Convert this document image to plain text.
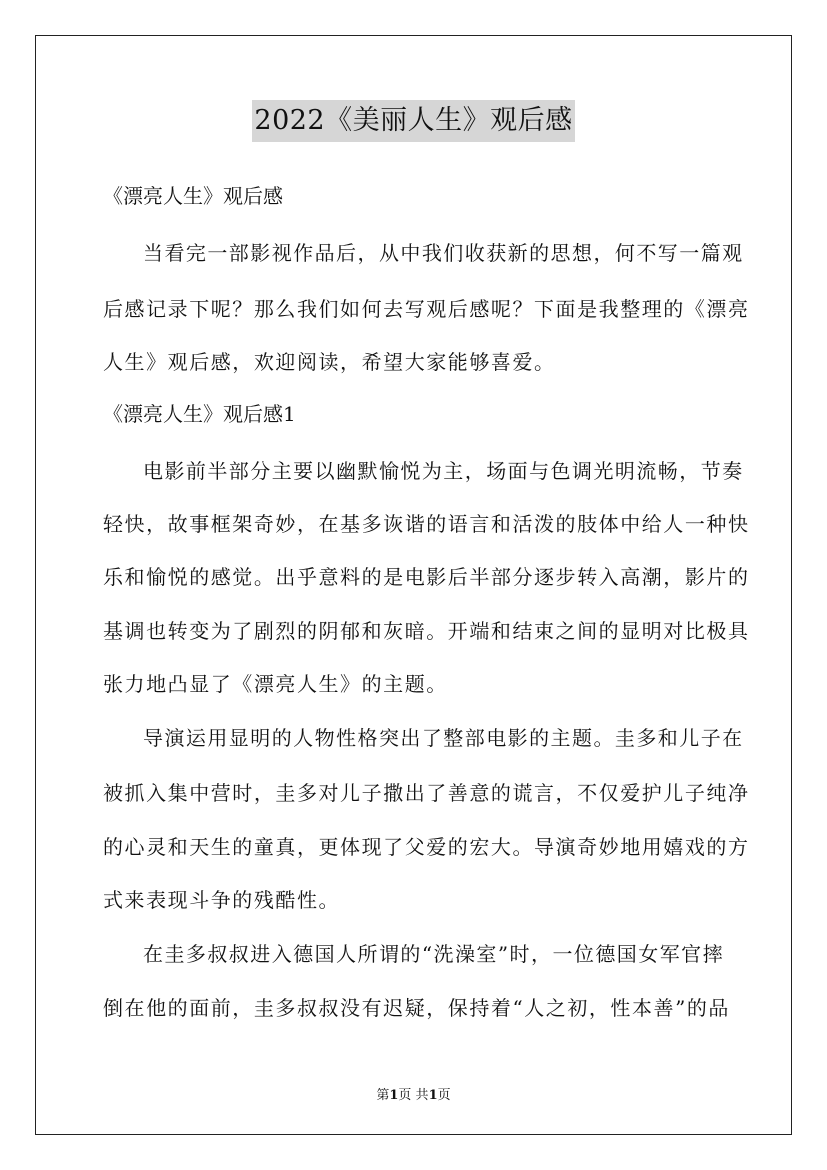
2022《美丽人生》观后感
《漂亮人生》观后感
当看完一部影视作品后，从中我们收获新的思想，何不写一篇观
后感记录下呢？那么我们如何去写观后感呢？下面是我整理的《漂亮
人生》观后感，欢迎阅读，希望大家能够喜爱。
《漂亮人生》观后感1
电影前半部分主要以幽默愉悦为主，场面与色调光明流畅，节奏
轻快，故事框架奇妙，在基多诙谐的语言和活泼的肢体中给人一种快
乐和愉悦的感觉。出乎意料的是电影后半部分逐步转入高潮，影片的
基调也转变为了剧烈的阴郁和灰暗。开端和结束之间的显明对比极具
张力地凸显了《漂亮人生》的主题。
导演运用显明的人物性格突出了整部电影的主题。圭多和儿子在
被抓入集中营时，圭多对儿子撒出了善意的谎言，不仅爱护儿子纯净
的心灵和天生的童真，更体现了父爱的宏大。导演奇妙地用嬉戏的方
式来表现斗争的残酷性。
在圭多叔叔进入德国人所谓的“洗澡室”时，一位德国女军官摔
倒在他的面前，圭多叔叔没有迟疑，保持着“人之初，性本善”的品
第1页 共1页
